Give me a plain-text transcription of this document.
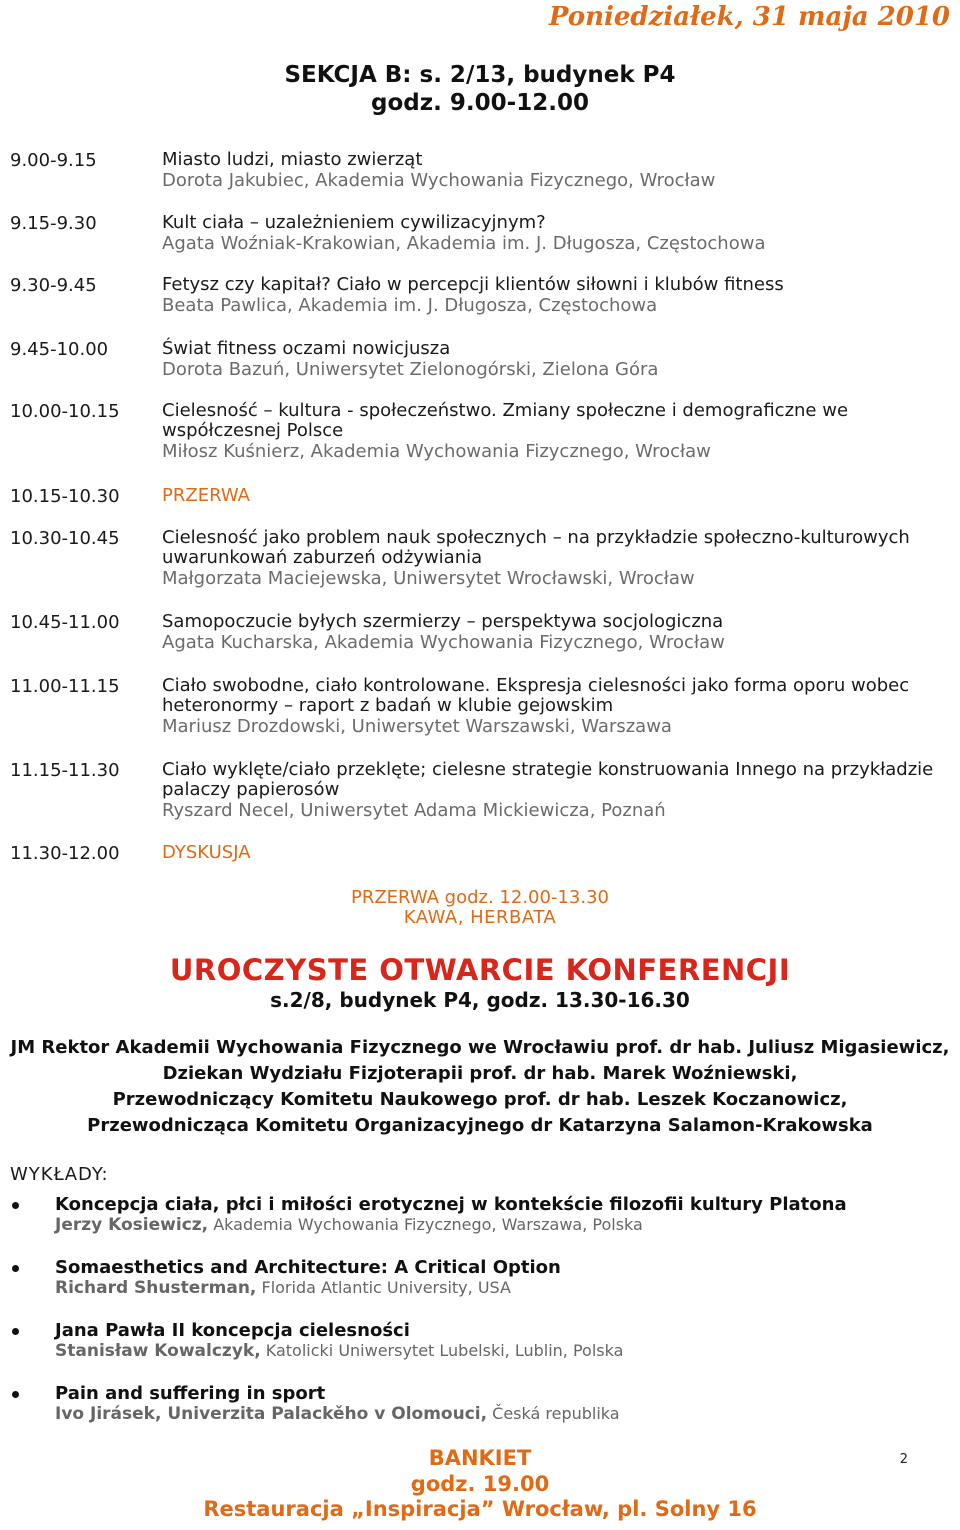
Poniedziałek, 31 maja 2010
SEKCJA B: s. 2/13, budynek P4
godz. 9.00-12.00
9.00-9.15	Miasto ludzi, miasto zwierząt
Dorota Jakubiec, Akademia Wychowania Fizycznego, Wrocław
9.15-9.30	Kult ciała – uzależnieniem cywilizacyjnym?
Agata Woźniak-Krakowian, Akademia im. J. Długosza, Częstochowa
9.30-9.45	Fetysz czy kapitał? Ciało w percepcji klientów siłowni i klubów fitness
Beata Pawlica, Akademia im. J. Długosza, Częstochowa
9.45-10.00	Świat fitness oczami nowicjusza
Dorota Bazuń, Uniwersytet Zielonogórski, Zielona Góra
10.00-10.15 Cielesność – kultura - społeczeństwo. Zmiany społeczne i demograficzne we współczesnej Polsce
Miłosz Kuśnierz, Akademia Wychowania Fizycznego, Wrocław
10.15-10.30 PRZERWA
10.30-10.45 Cielesność jako problem nauk społecznych – na przykładzie społeczno-kulturowych uwarunkowań zaburzeń odżywiania
Małgorzata Maciejewska, Uniwersytet Wrocławski, Wrocław
10.45-11.00 Samopoczucie byłych szermierzy – perspektywa socjologiczna
Agata Kucharska, Akademia Wychowania Fizycznego, Wrocław
11.00-11.15 Ciało swobodne, ciało kontrolowane. Ekspresja cielesności jako forma oporu wobec heteronormy – raport z badań w klubie gejowskim
Mariusz Drozdowski, Uniwersytet Warszawski, Warszawa
11.15-11.30 Ciało wyklęte/ciało przeklęte; cielesne strategie konstruowania Innego na przykładzie palaczy papierosów
Ryszard Necel, Uniwersytet Adama Mickiewicza, Poznań
11.30-12.00 DYSKUSJA
PRZERWA godz. 12.00-13.30
KAWA, HERBATA
UROCZYSTE OTWARCIE KONFERENCJI
s.2/8, budynek P4, godz. 13.30-16.30
JM Rektor Akademii Wychowania Fizycznego we Wrocławiu prof. dr hab. Juliusz Migasiewicz,
Dziekan Wydziału Fizjoterapii prof. dr hab. Marek Woźniewski,
Przewodniczący Komitetu Naukowego prof. dr hab. Leszek Koczanowicz,
Przewodnicząca Komitetu Organizacyjnego dr Katarzyna Salamon-Krakowska
WYKŁADY:
Koncepcja ciała, płci i miłości erotycznej w kontekście filozofii kultury Platona
Jerzy Kosiewicz, Akademia Wychowania Fizycznego, Warszawa, Polska
Somaesthetics and Architecture: A Critical Option
Richard Shusterman, Florida Atlantic University, USA
Jana Pawła II koncepcja cielesności
Stanisław Kowalczyk, Katolicki Uniwersytet Lubelski, Lublin, Polska
Pain and suffering in sport
Ivo Jirásek, Univerzita Palackěho v Olomouci, Česká republika
BANKIET
godz. 19.00
Restauracja „Inspiracja” Wrocław, pl. Solny 16
2
